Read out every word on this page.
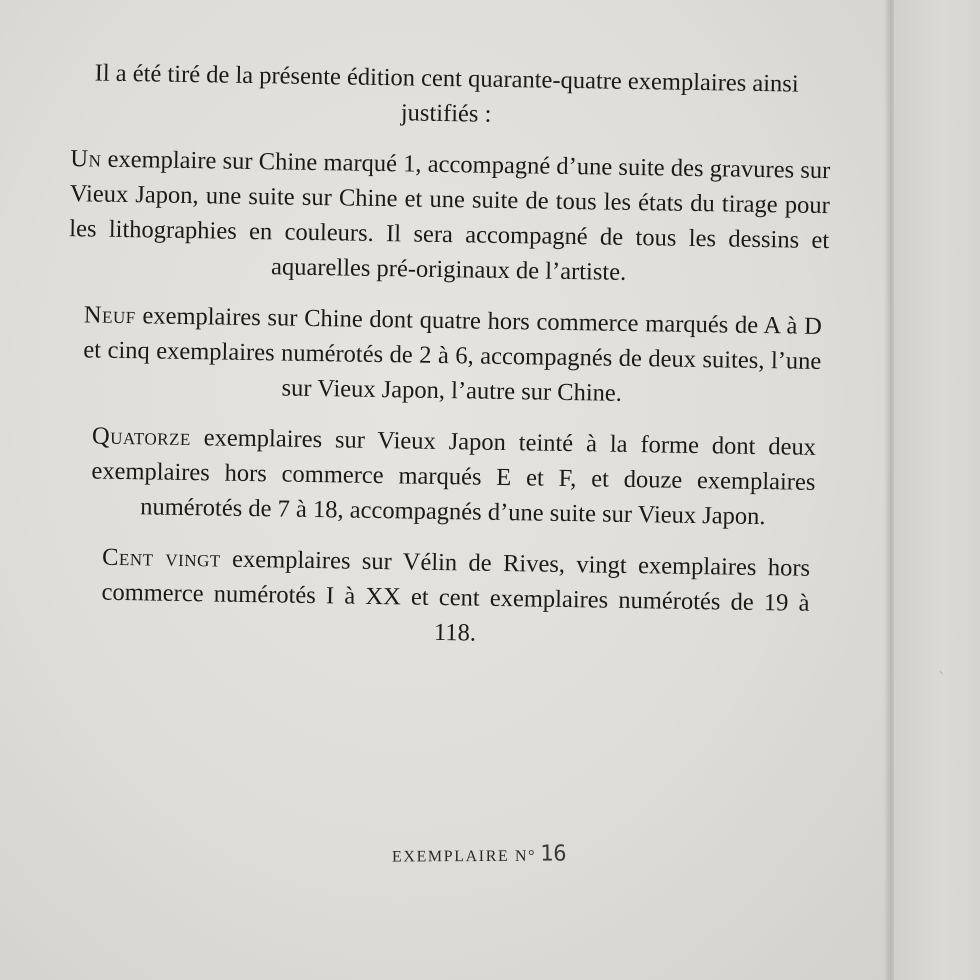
Il a été tiré de la présente édition cent quarante-quatre exemplaires ainsi justifiés :

Un exemplaire sur Chine marqué 1, accompagné d’une suite des gravures sur Vieux Japon, une suite sur Chine et une suite de tous les états du tirage pour les lithographies en couleurs. Il sera accompagné de tous les dessins et aquarelles pré-originaux de l’artiste.

Neuf exemplaires sur Chine dont quatre hors commerce marqués de A à D et cinq exemplaires numérotés de 2 à 6, accompagnés de deux suites, l’une sur Vieux Japon, l’autre sur Chine.

Quatorze exemplaires sur Vieux Japon teinté à la forme dont deux exemplaires hors commerce marqués E et F, et douze exemplaires numérotés de 7 à 18, accompagnés d’une suite sur Vieux Japon.

Cent vingt exemplaires sur Vélin de Rives, vingt exemplaires hors commerce numérotés I à XX et cent exemplaires numérotés de 19 à 118.

EXEMPLAIRE N° 16
ˎ
